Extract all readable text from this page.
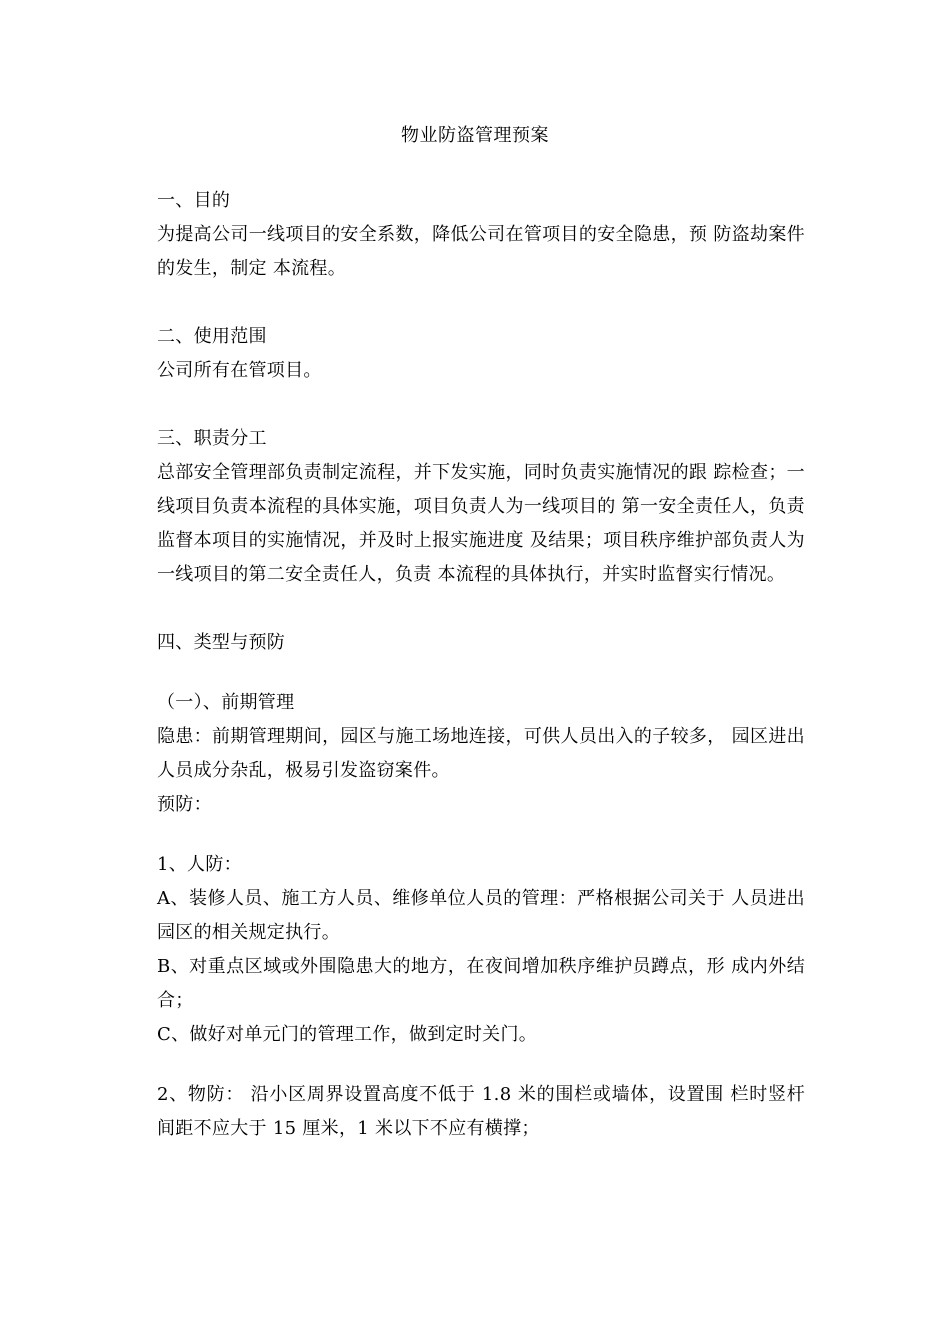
物业防盗管理预案

一、目的

为提高公司一线项目的安全系数，降低公司在管项目的安全隐患，预 防盗劫案件的发生，制定 本流程。

二、使用范围

公司所有在管项目。

三、职责分工

总部安全管理部负责制定流程，并下发实施，同时负责实施情况的跟 踪检查；一线项目负责本流程的具体实施，项目负责人为一线项目的 第一安全责任人，负责监督本项目的实施情况，并及时上报实施进度 及结果；项目秩序维护部负责人为一线项目的第二安全责任人，负责 本流程的具体执行，并实时监督实行情况。

四、类型与预防

（一）、前期管理

隐患：前期管理期间，园区与施工场地连接，可供人员出入的子较多， 园区进出人员成分杂乱，极易引发盗窃案件。

预防：

1、人防：

A、装修人员、施工方人员、维修单位人员的管理：严格根据公司关于 人员进出园区的相关规定执行。

B、对重点区域或外围隐患大的地方，在夜间增加秩序维护员蹲点，形 成内外结合；

C、做好对单元门的管理工作，做到定时关门。

2、物防： 沿小区周界设置高度不低于 1.8 米的围栏或墙体，设置围 栏时竖杆间距不应大于 15 厘米，1 米以下不应有横撑；
